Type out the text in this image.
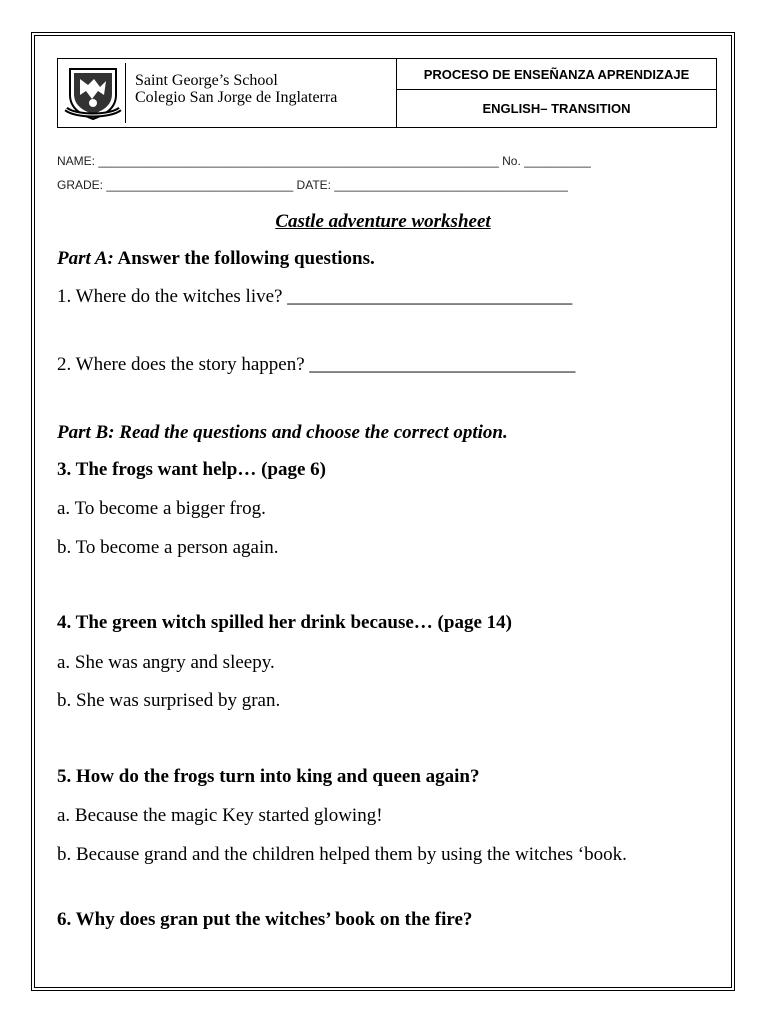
Saint George’s School
Colegio San Jorge de Inglaterra
PROCESO DE ENSEÑANZA APRENDIZAJE
ENGLISH– TRANSITION
NAME: ____________________________________________________________ No. __________
GRADE: ____________________________ DATE: ___________________________________
Castle adventure worksheet
Part A: Answer the following questions.
1. Where do the witches live? ______________________________
2. Where does the story happen? ____________________________
Part B: Read the questions and choose the correct option.
3. The frogs want help… (page 6)
a. To become a bigger frog.
b. To become a person again.
4. The green witch spilled her drink because… (page 14)
a. She was angry and sleepy.
b. She was surprised by gran.
5. How do the frogs turn into king and queen again?
a. Because the magic Key started glowing!
b. Because grand and the children helped them by using the witches ‘book.
6. Why does gran put the witches’ book on the fire?
